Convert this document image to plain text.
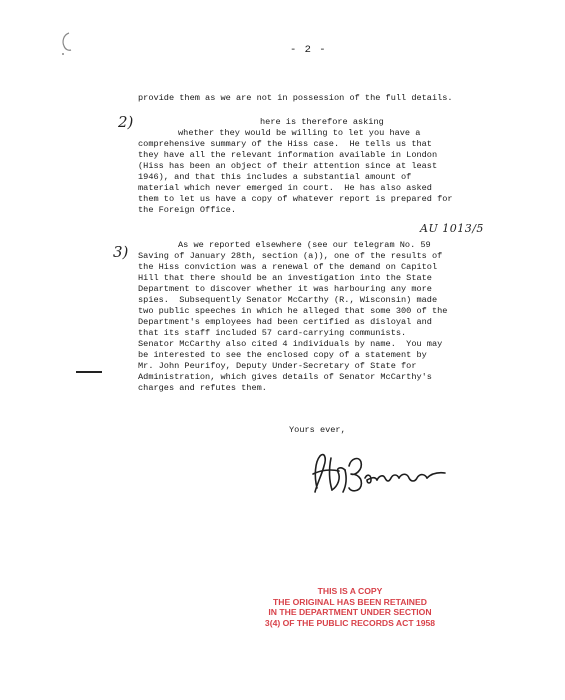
- 2 -
2)
3)
AU 1013/5
provide them as we are not in possession of the full details.
here is therefore asking
whether they would be willing to let you have a
comprehensive summary of the Hiss case.  He tells us that
they have all the relevant information available in London
(Hiss has been an object of their attention since at least
1946), and that this includes a substantial amount of
material which never emerged in court.  He has also asked
them to let us have a copy of whatever report is prepared for
the Foreign Office.
As we reported elsewhere (see our telegram No. 59
Saving of January 28th, section (a)), one of the results of
the Hiss conviction was a renewal of the demand on Capitol
Hill that there should be an investigation into the State
Department to discover whether it was harbouring any more
spies.  Subsequently Senator McCarthy (R., Wisconsin) made
two public speeches in which he alleged that some 300 of the
Department's employees had been certified as disloyal and
that its staff included 57 card-carrying communists.
Senator McCarthy also cited 4 individuals by name.  You may
be interested to see the enclosed copy of a statement by
Mr. John Peurifoy, Deputy Under-Secretary of State for
Administration, which gives details of Senator McCarthy's
charges and refutes them.
Yours ever,
THIS IS A COPY
THE ORIGINAL HAS BEEN RETAINED
IN THE DEPARTMENT UNDER SECTION
3(4) OF THE PUBLIC RECORDS ACT 1958
